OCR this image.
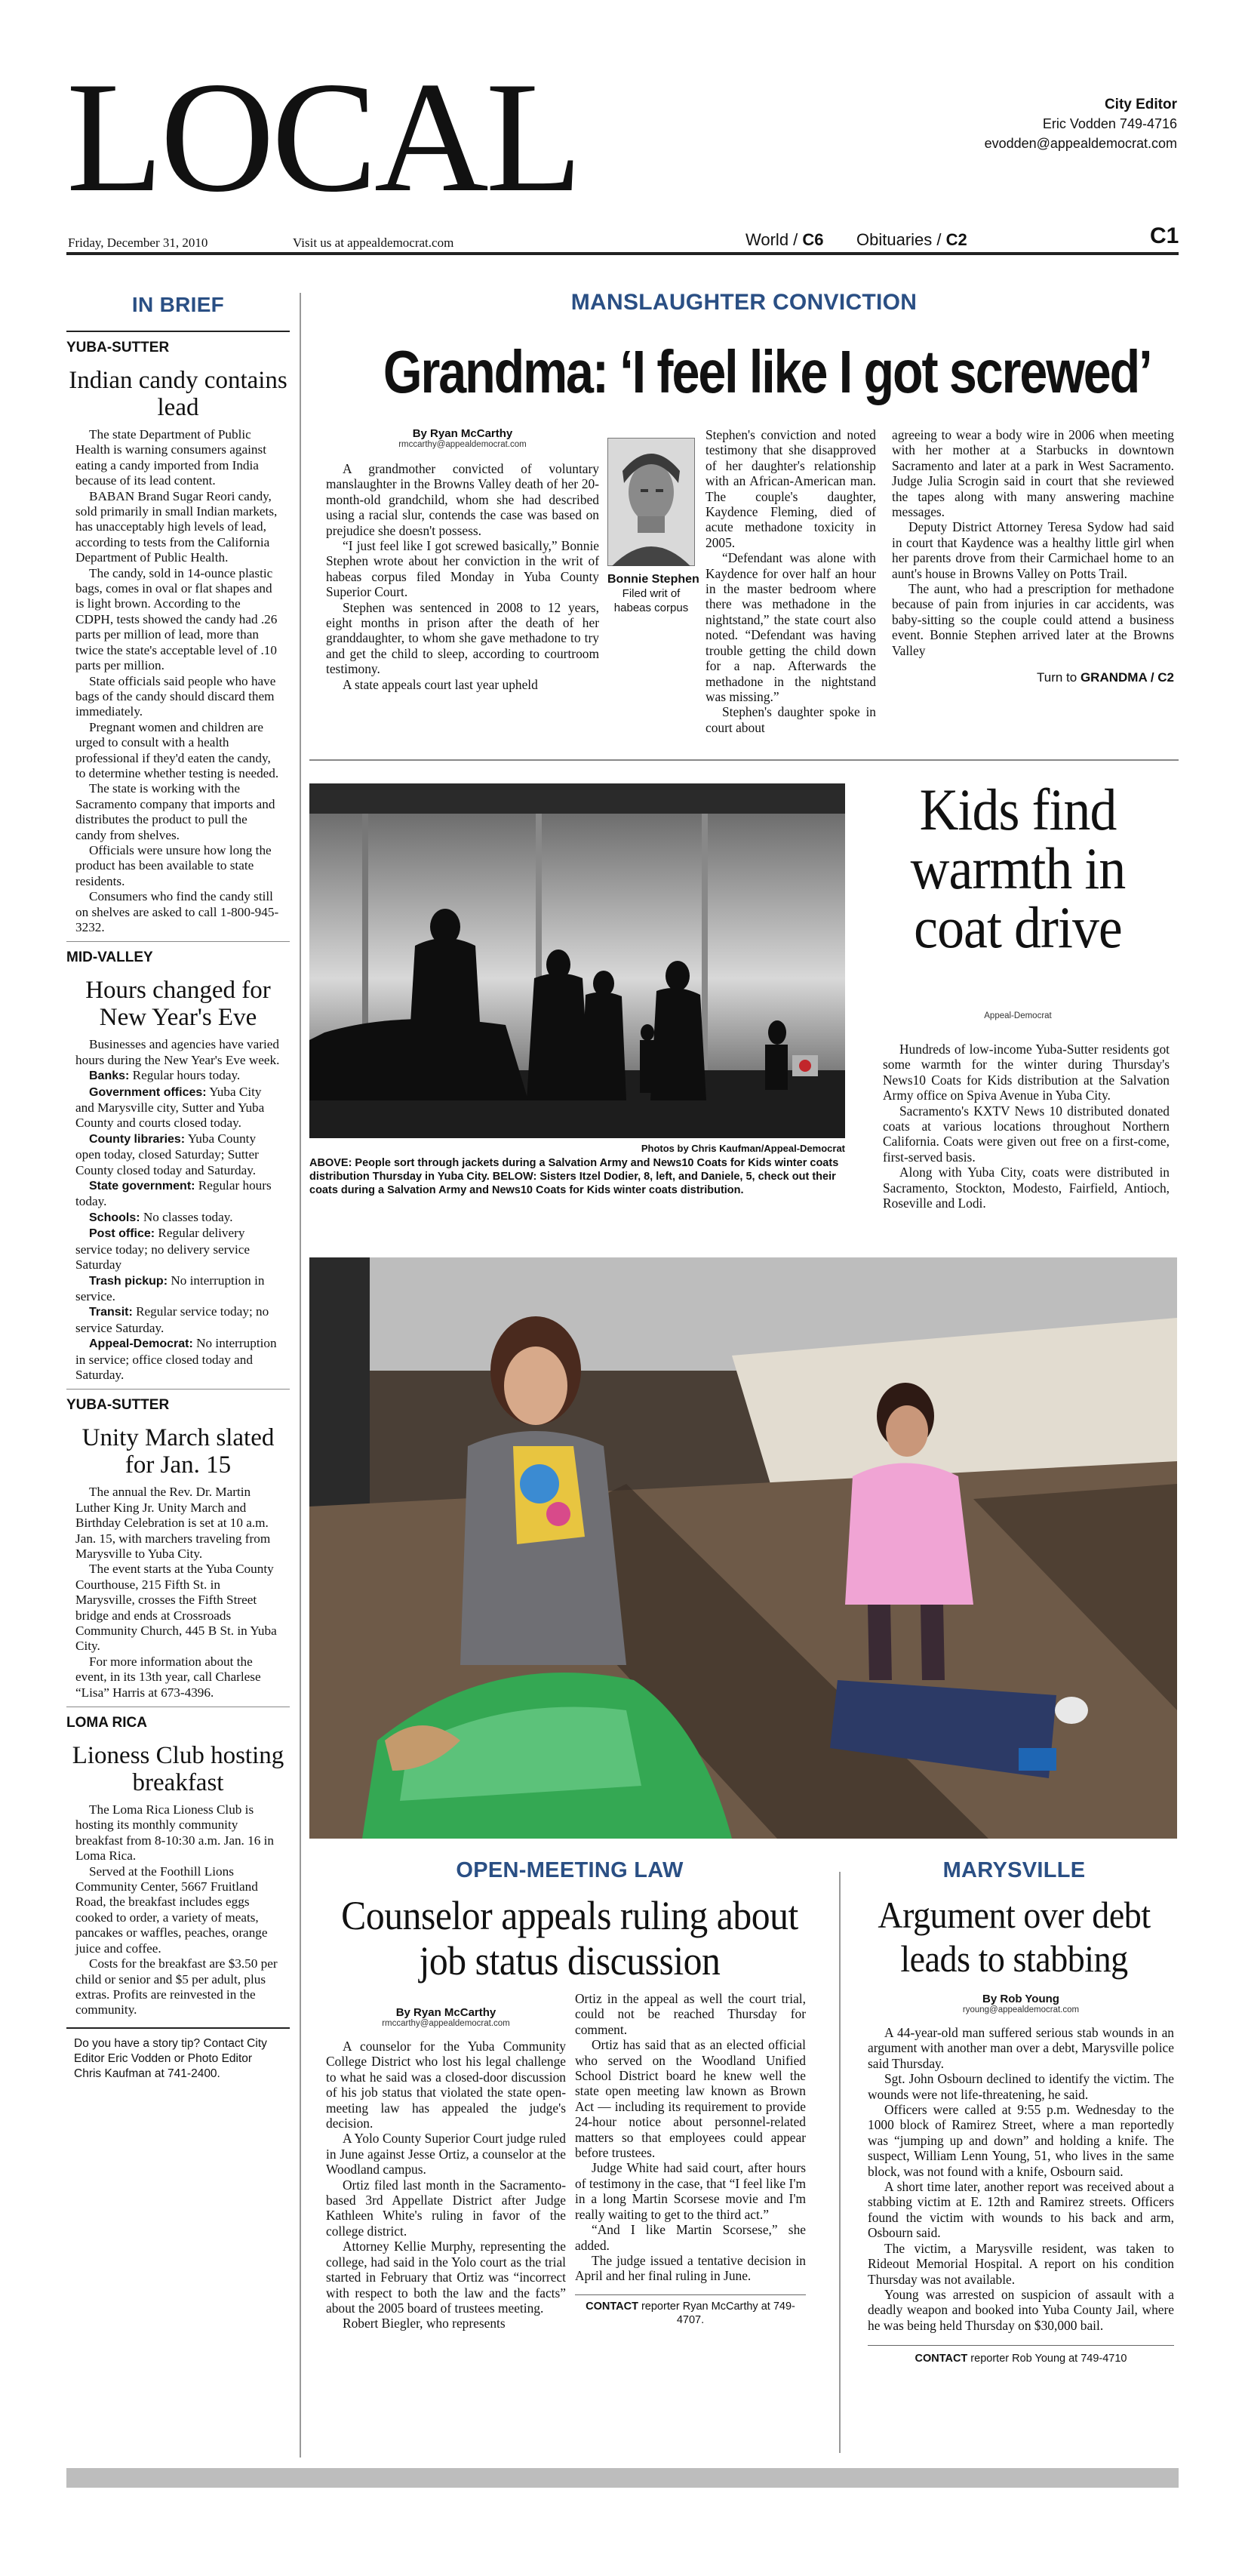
LOCAL	City Editor
Eric Vodden 749-4716
evodden@appealdemocrat.com
Friday, December 31, 2010	Visit us at appealdemocrat.com	World / C6 Obituaries / C2	C1
IN BRIEF
YUBA-SUTTER
Indian candy contains lead

The state Department of Public Health is warning consumers against eating a candy imported from India because of its lead content.

BABAN Brand Sugar Reori candy, sold primarily in small Indian markets, has unacceptably high levels of lead, according to tests from the California Department of Public Health.

The candy, sold in 14-ounce plastic bags, comes in oval or flat shapes and is light brown. According to the CDPH, tests showed the candy had .26 parts per million of lead, more than twice the state's acceptable level of .10 parts per million.

State officials said people who have bags of the candy should discard them immediately.

Pregnant women and children are urged to consult with a health professional if they'd eaten the candy, to determine whether testing is needed.

The state is working with the Sacramento company that imports and distributes the product to pull the candy from shelves.

Officials were unsure how long the product has been available to state residents.

Consumers who find the candy still on shelves are asked to call 1-800-945-3232.

MID-VALLEY
Hours changed for New Year's Eve

Businesses and agencies have varied hours during the New Year's Eve week.

Banks: Regular hours today.

Government offices: Yuba City and Marysville city, Sutter and Yuba County and courts closed today.

County libraries: Yuba County open today, closed Saturday; Sutter County closed today and Saturday.

State government: Regular hours today.

Schools: No classes today.

Post office: Regular delivery service today; no delivery service Saturday

Trash pickup: No interruption in service.

Transit: Regular service today; no service Saturday.

Appeal-Democrat: No interruption in service; office closed today and Saturday.

YUBA-SUTTER
Unity March slated for Jan. 15

The annual the Rev. Dr. Martin Luther King Jr. Unity March and Birthday Celebration is set at 10 a.m. Jan. 15, with marchers traveling from Marysville to Yuba City.

The event starts at the Yuba County Courthouse, 215 Fifth St. in Marysville, crosses the Fifth Street bridge and ends at Crossroads Community Church, 445 B St. in Yuba City.

For more information about the event, in its 13th year, call Charlese “Lisa” Harris at 673-4396.

LOMA RICA
Lioness Club hosting breakfast

The Loma Rica Lioness Club is hosting its monthly community breakfast from 8-10:30 a.m. Jan. 16 in Loma Rica.

Served at the Foothill Lions Community Center, 5667 Fruitland Road, the breakfast includes eggs cooked to order, a variety of meats, pancakes or waffles, peaches, orange juice and coffee.

Costs for the breakfast are $3.50 per child or senior and $5 per adult, plus extras. Profits are reinvested in the community.

Do you have a story tip? Contact City Editor Eric Vodden or Photo Editor Chris Kaufman at 741-2400.
MANSLAUGHTER CONVICTION
Grandma: ‘I feel like I got screwed’
By Ryan McCarthy
rmccarthy@appealdemocrat.com

A grandmother convicted of voluntary manslaughter in the Browns Valley death of her 20-month-old grandchild, whom she had described using a racial slur, contends the case was based on prejudice she doesn't possess.

“I just feel like I got screwed basically,” Bonnie Stephen wrote about her conviction in the writ of habeas corpus filed Monday in Yuba County Superior Court.

Stephen was sentenced in 2008 to 12 years, eight months in prison after the death of her granddaughter, to whom she gave methadone to try and get the child to sleep, according to courtroom testimony.

A state appeals court last year upheld

Bonnie Stephen
Filed writ of habeas corpus

Stephen's conviction and noted testimony that she disapproved of her daughter's relationship with an African-American man. The couple's daughter, Kaydence Fleming, died of acute methadone toxicity in 2005.

“Defendant was alone with Kaydence for over half an hour in the master bedroom where there was methadone in the nightstand,” the state court also noted. “Defendant was having trouble getting the child down for a nap. Afterwards the methadone in the nightstand was missing.”

Stephen's daughter spoke in court about

agreeing to wear a body wire in 2006 when meeting with her mother at a Starbucks in downtown Sacramento and later at a park in West Sacramento. Judge Julia Scrogin said in court that she reviewed the tapes along with many answering machine messages.

Deputy District Attorney Teresa Sydow had said in court that Kaydence was a healthy little girl when her parents drove from their Carmichael home to an aunt's house in Browns Valley on Potts Trail.

The aunt, who had a prescription for methadone because of pain from injuries in car accidents, was baby-sitting so the couple could attend a business event. Bonnie Stephen arrived later at the Browns Valley

Turn to GRANDMA / C2
Photos by Chris Kaufman/Appeal-Democrat
ABOVE: People sort through jackets during a Salvation Army and News10 Coats for Kids winter coats distribution Thursday in Yuba City. BELOW: Sisters Itzel Dodier, 8, left, and Daniele, 5, check out their coats during a Salvation Army and News10 Coats for Kids winter coats distribution.
Kids find warmth in coat drive
Appeal-Democrat

Hundreds of low-income Yuba-Sutter residents got some warmth for the winter during Thursday's News10 Coats for Kids distribution at the Salvation Army office on Spiva Avenue in Yuba City.

Sacramento's KXTV News 10 distributed donated coats at various locations throughout Northern California. Coats were given out free on a first-come, first-served basis.

Along with Yuba City, coats were distributed in Sacramento, Stockton, Modesto, Fairfield, Antioch, Roseville and Lodi.

OPEN-MEETING LAW
Counselor appeals ruling about job status discussion
By Ryan McCarthy
rmccarthy@appealdemocrat.com

A counselor for the Yuba Community College District who lost his legal challenge to what he said was a closed-door discussion of his job status that violated the state open-meeting law has appealed the judge's decision.

A Yolo County Superior Court judge ruled in June against Jesse Ortiz, a counselor at the Woodland campus.

Ortiz filed last month in the Sacramento-based 3rd Appellate District after Judge Kathleen White's ruling in favor of the college district.

Attorney Kellie Murphy, representing the college, had said in the Yolo court as the trial started in February that Ortiz was “incorrect with respect to both the law and the facts” about the 2005 board of trustees meeting.

Robert Biegler, who represents

Ortiz in the appeal as well the court trial, could not be reached Thursday for comment.

Ortiz has said that as an elected official who served on the Woodland Unified School District board he knew well the state open meeting law known as Brown Act — including its requirement to provide 24-hour notice about personnel-related matters so that employees could appear before trustees.

Judge White had said court, after hours of testimony in the case, that “I feel like I'm in a long Martin Scorsese movie and I'm really waiting to get to the third act.”

“And I like Martin Scorsese,” she added.

The judge issued a tentative decision in April and her final ruling in June.

CONTACT reporter Ryan McCarthy at 749-4707.
MARYSVILLE
Argument over debt leads to stabbing
By Rob Young
ryoung@appealdemocrat.com

A 44-year-old man suffered serious stab wounds in an argument with another man over a debt, Marysville police said Thursday.

Sgt. John Osbourn declined to identify the victim. The wounds were not life-threatening, he said.

Officers were called at 9:55 p.m. Wednesday to the 1000 block of Ramirez Street, where a man reportedly was “jumping up and down” and holding a knife. The suspect, William Lenn Young, 51, who lives in the same block, was not found with a knife, Osbourn said.

A short time later, another report was received about a stabbing victim at E. 12th and Ramirez streets. Officers found the victim with wounds to his back and arm, Osbourn said.

The victim, a Marysville resident, was taken to Rideout Memorial Hospital. A report on his condition Thursday was not available.

Young was arrested on suspicion of assault with a deadly weapon and booked into Yuba County Jail, where he was being held Thursday on $30,000 bail.

CONTACT reporter Rob Young at 749-4710
